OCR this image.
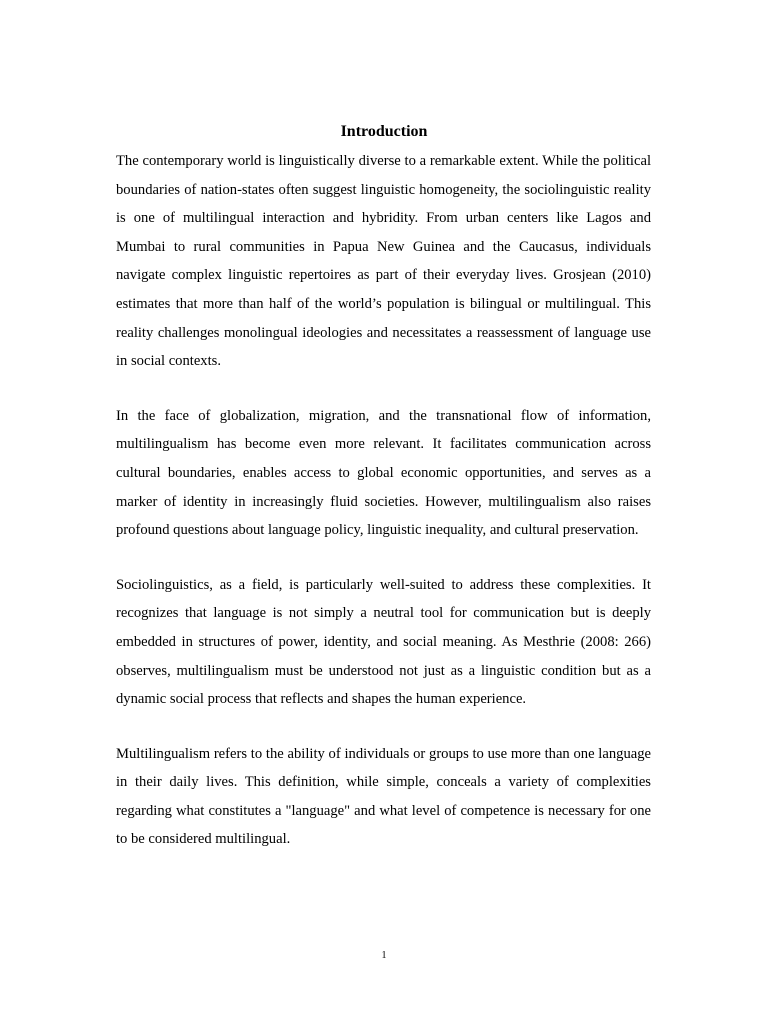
Introduction

The contemporary world is linguistically diverse to a remarkable extent. While the political boundaries of nation-states often suggest linguistic homogeneity, the sociolinguistic reality is one of multilingual interaction and hybridity. From urban centers like Lagos and Mumbai to rural communities in Papua New Guinea and the Caucasus, individuals navigate complex linguistic repertoires as part of their everyday lives. Grosjean (2010) estimates that more than half of the world’s population is bilingual or multilingual. This reality challenges monolingual ideologies and necessitates a reassessment of language use in social contexts.

In the face of globalization, migration, and the transnational flow of information, multilingualism has become even more relevant. It facilitates communication across cultural boundaries, enables access to global economic opportunities, and serves as a marker of identity in increasingly fluid societies. However, multilingualism also raises profound questions about language policy, linguistic inequality, and cultural preservation.

Sociolinguistics, as a field, is particularly well-suited to address these complexities. It recognizes that language is not simply a neutral tool for communication but is deeply embedded in structures of power, identity, and social meaning. As Mesthrie (2008: 266) observes, multilingualism must be understood not just as a linguistic condition but as a dynamic social process that reflects and shapes the human experience.

Multilingualism refers to the ability of individuals or groups to use more than one language in their daily lives. This definition, while simple, conceals a variety of complexities regarding what constitutes a "language" and what level of competence is necessary for one to be considered multilingual.

1
